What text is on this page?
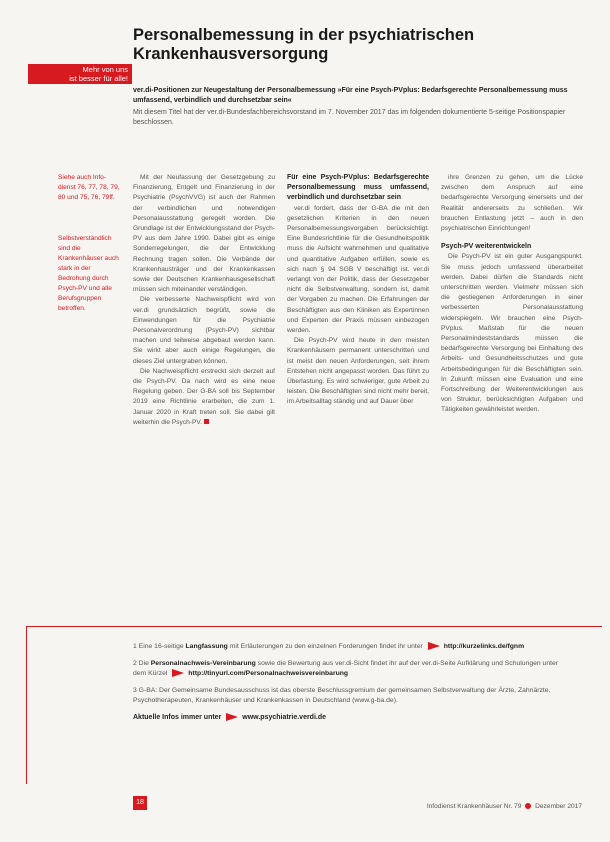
Personalbemessung in der psychiatrischen Krankenhausversorgung
Mehr von uns
ist besser für alle!

ver.di-Positionen zur Neugestaltung der Personalbemessung »Für eine Psych-PVplus: Bedarfsgerechte Personalbemessung muss umfassend, verbindlich und durchsetzbar sein«

Mit diesem Titel hat der ver.di-Bundesfachbereichsvorstand im 7. November 2017 das im folgenden dokumentierte 5-seitige Positionspapier beschlossen.

Siehe auch Info-dienst 76, 77, 78, 79, 80 und 75, 76, 79ff.

Selbstverständlich sind die Krankenhäuser auch stark in der Bedrohung durch Psych-PV und alle Berufsgruppen betroffen.

Mit der Neufassung der Gesetzgebung zu Finanzierung, Entgelt und Finanzierung in der Psychiatrie (PsychVVG) ist auch der Rahmen der verbindlichen und notwendigen Personalausstattung geregelt worden. Die Grundlage ist der Entwicklungsstand der Psych-PV aus dem Jahre 1990. Dabei gibt es einige Sonderregelungen, die der Entwicklung Rechnung tragen sollen. Die Verbände der Krankenhausträger und der Krankenkassen sowie der Deutschen Krankenhausgesellschaft müssen sich miteinander verständigen.

Die verbesserte Nachweispflicht wird von ver.di grundsätzlich begrüßt, sowie die Einwendungen für die Psychiatrie Personalverordnung (Psych-PV) sichtbar machen und teilweise abgebaut werden kann. Sie wirkt aber auch einige Regelungen, die dieses Ziel untergraben können.

Die Nachweispflicht erstreckt sich derzeit auf die Psych-PV. Da nach wird es eine neue Regelung geben. Der G-BA soll bis September 2019 eine Richtlinie erarbeiten, die zum 1. Januar 2020 in Kraft treten soll. Sie dabei gilt weiterhin die Psych-PV.

Für eine Psych-PVplus: Bedarfsgerechte Personalbemessung muss umfassend, verbindlich und durchsetzbar sein

ver.di fordert, dass der G-BA die mit den gesetzlichen Kriterien in den neuen Personalbemessungsvorgaben berücksichtigt. Eine Bundesrichtlinie für die Gesundheitspolitik muss die Aufsicht wahrnehmen und qualitative und quantitative Aufgaben erfüllen, sowie es sich nach § 94 SGB V beschäftigt ist. ver.di verlangt von der Politik, dass der Gesetzgeber nicht die Selbstverwaltung, sondern ist, damit der Vorgaben zu machen. Die Erfahrungen der Beschäftigten aus den Kliniken als Expertinnen und Experten der Praxis müssen einbezogen werden.

Die Psych-PV wird heute in den meisten Krankenhäusern permanent unterschritten und ist meist den neuen Anforderungen, seit ihrem Entstehen nicht angepasst worden. Das führt zu Überlastung. Es wird schwieriger, gute Arbeit zu leisten. Die Beschäftigten sind nicht mehr bereit, im Arbeitsalltag ständig und auf Dauer über

ihre Grenzen zu gehen, um die Lücke zwischen dem Anspruch auf eine bedarfsgerechte Versorgung einerseits und der Realität andererseits zu schließen. Wir brauchen Entlastung jetzt – auch in den psychiatrischen Einrichtungen!

Psych-PV weiterentwickeln

Die Psych-PV ist ein guter Ausgangspunkt. Sie muss jedoch umfassend überarbeitet werden. Dabei dürfen die Standards nicht unterschritten werden. Vielmehr müssen sich die gestiegenen Anforderungen in einer verbesserten Personalausstattung widerspiegeln. Wir brauchen eine Psych-PVplus. Maßstab für die neuen Personalmindeststandards müssen die bedarfsgerechte Versorgung bei Einhaltung des Arbeits- und Gesundheitsschutzes und gute Arbeitsbedingungen für die Beschäftigten sein. In Zukunft müssen eine Evaluation und eine Fortschreibung der Weiterentwicklungen aus von Struktur, berücksichtigten Aufgaben und Tätigkeiten gewährleistet werden.

1 Eine 16-seitige Langfassung mit Erläuterungen zu den einzelnen Forderungen findet ihr unter	http://kurzelinks.de/fgnm
2 Die Personalnachweis-Vereinbarung sowie die Bewertung aus ver.di-Sicht findet ihr auf der ver.di-Seite Aufklärung und Schulungen unter dem Kürzel	http://tinyurl.com/Personalnachweisvereinbarung
3 G-BA: Der Gemeinsame Bundesausschuss ist das oberste Beschlussgremium der gemeinsamen Selbstverwaltung der Ärzte, Zahnärzte, Psychotherapeuten, Krankenhäuser und Krankenkassen in Deutschland (www.g-ba.de).
Aktuelle Infos immer unter	www.psychiatrie.verdi.de
18
Infodienst Krankenhäuser Nr. 79 Dezember 2017
